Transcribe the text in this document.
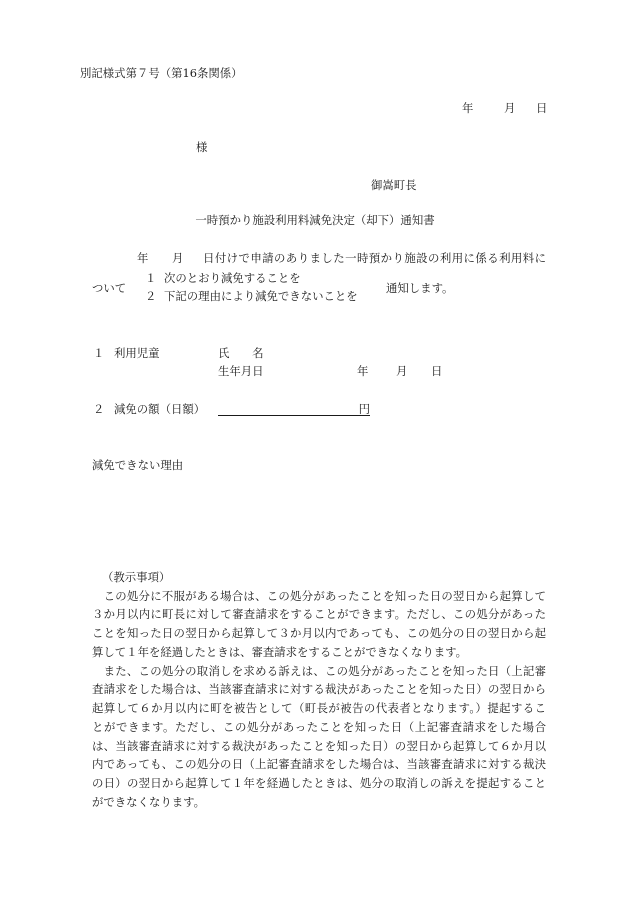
別記様式第７号（第16条関係）
年	月 日
様
御嵩町長
一時預かり施設利用料減免決定（却下）通知書
年 月 日付けで申請のありました一時預かり施設の利用に係る利用料に
ついて
１ 次のとおり減免することを
２ 下記の理由により減免できないことを
通知します。
１ 利用児童	氏　　名
生年月日	年 月 日
２ 減免の額（日額）	円
減免できない理由
（教示事項）
この処分に不服がある場合は、この処分があったことを知った日の翌日から起算して
３か月以内に町長に対して審査請求をすることができます。ただし、この処分があった
ことを知った日の翌日から起算して３か月以内であっても、この処分の日の翌日から起
算して１年を経過したときは、審査請求をすることができなくなります。
また、この処分の取消しを求める訴えは、この処分があったことを知った日（上記審
査請求をした場合は、当該審査請求に対する裁決があったことを知った日）の翌日から
起算して６か月以内に町を被告として（町長が被告の代表者となります。）提起するこ
とができます。ただし、この処分があったことを知った日（上記審査請求をした場合
は、当該審査請求に対する裁決があったことを知った日）の翌日から起算して６か月以
内であっても、この処分の日（上記審査請求をした場合は、当該審査請求に対する裁決
の日）の翌日から起算して１年を経過したときは、処分の取消しの訴えを提起すること
ができなくなります。
